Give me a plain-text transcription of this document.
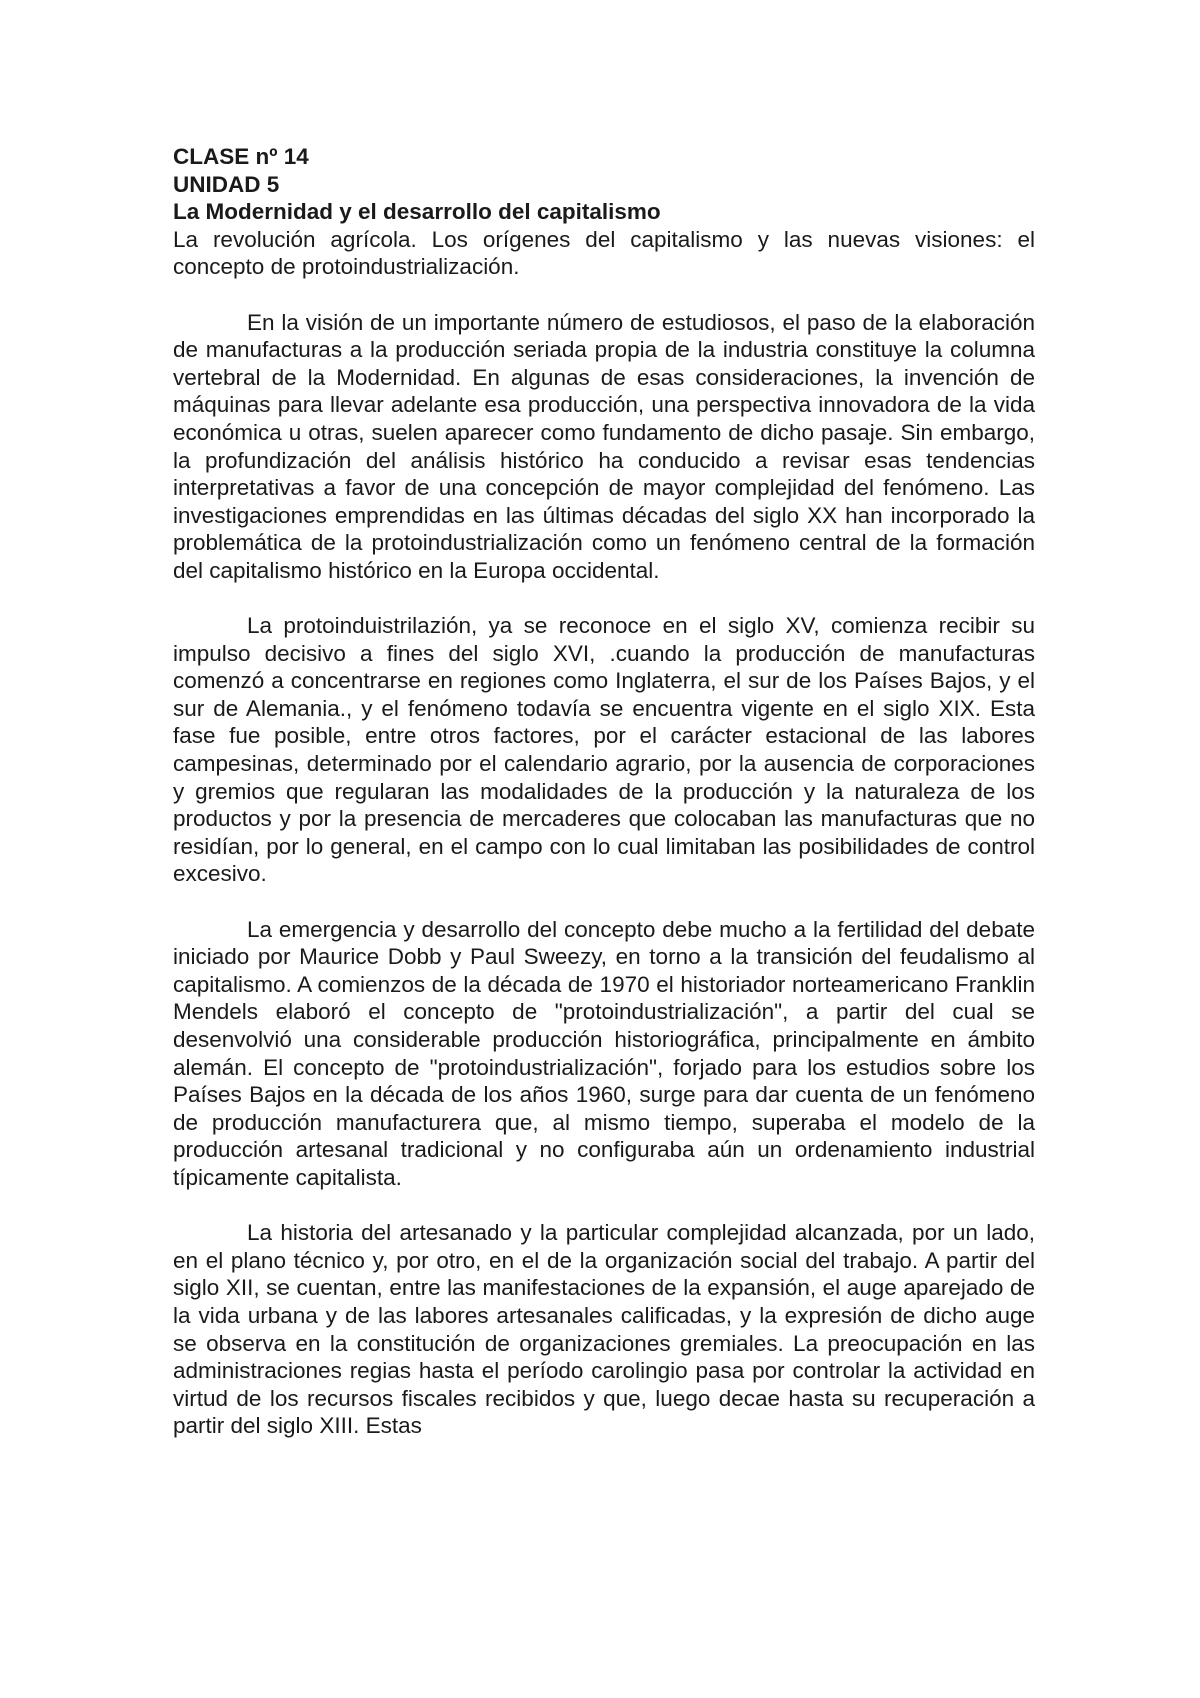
CLASE nº 14

UNIDAD 5

La Modernidad y el desarrollo del capitalismo

La revolución agrícola. Los orígenes del capitalismo y las nuevas visiones: el concepto de protoindustrialización.

En la visión de un importante número de estudiosos, el paso de la elaboración de manufacturas a la producción seriada propia de la industria constituye la columna vertebral de la Modernidad. En algunas de esas consideraciones, la invención de máquinas para llevar adelante esa producción, una perspectiva innovadora de la vida económica u otras, suelen aparecer como fundamento de dicho pasaje. Sin embargo, la profundización del análisis histórico ha conducido a revisar esas tendencias interpretativas a favor de una concepción de mayor complejidad del fenómeno. Las investigaciones emprendidas en las últimas décadas del siglo XX han incorporado la problemática de la protoindustrialización como un fenómeno central de la formación del capitalismo histórico en la Europa occidental.

La protoinduistrilazión, ya se reconoce en el siglo XV, comienza recibir su impulso decisivo a fines del siglo XVI, .cuando la producción de manufacturas comenzó a concentrarse en regiones como Inglaterra, el sur de los Países Bajos, y el sur de Alemania., y el fenómeno todavía se encuentra vigente en el siglo XIX. Esta fase fue posible, entre otros factores, por el carácter estacional de las labores campesinas, determinado por el calendario agrario, por la ausencia de corporaciones y gremios que regularan las modalidades de la producción y la naturaleza de los productos y por la presencia de mercaderes que colocaban las manufacturas que no residían, por lo general, en el campo con lo cual limitaban las posibilidades de control excesivo.

La emergencia y desarrollo del concepto debe mucho a la fertilidad del debate iniciado por Maurice Dobb y Paul Sweezy, en torno a la transición del feudalismo al capitalismo. A comienzos de la década de 1970 el historiador norteamericano Franklin Mendels elaboró el concepto de "protoindustrialización", a partir del cual se desenvolvió una considerable producción historiográfica, principalmente en ámbito alemán. El concepto de "protoindustrialización", forjado para los estudios sobre los Países Bajos en la década de los años 1960, surge para dar cuenta de un fenómeno de producción manufacturera que, al mismo tiempo, superaba el modelo de la producción artesanal tradicional y no configuraba aún un ordenamiento industrial típicamente capitalista.

La historia del artesanado y la particular complejidad alcanzada, por un lado, en el plano técnico y, por otro, en el de la organización social del trabajo. A partir del siglo XII, se cuentan, entre las manifestaciones de la expansión, el auge aparejado de la vida urbana y de las labores artesanales calificadas, y la expresión de dicho auge se observa en la constitución de organizaciones gremiales. La preocupación en las administraciones regias hasta el período carolingio pasa por controlar la actividad en virtud de los recursos fiscales recibidos y que, luego decae hasta su recuperación a partir del siglo XIII. Estas
